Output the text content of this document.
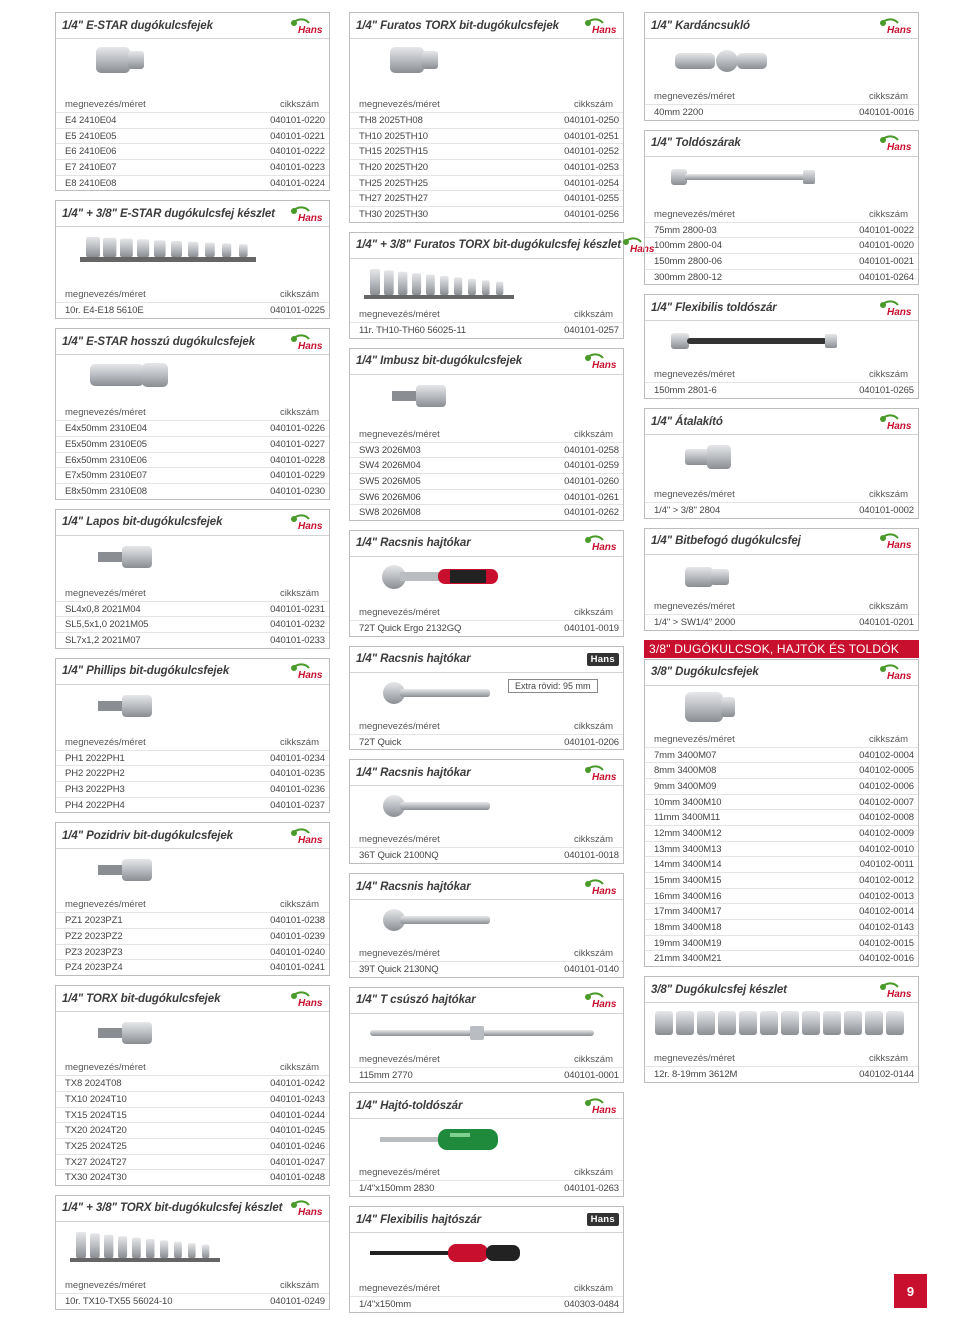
1/4" E-STAR dugókulcsfejek	Hans
megnevezés/méret	cikkszám
E4 2410E04	040101-0220
E5 2410E05	040101-0221
E6 2410E06	040101-0222
E7 2410E07	040101-0223
E8 2410E08	040101-0224
1/4" + 3/8" E-STAR dugókulcsfej készlet Hans
megnevezés/méret	cikkszám
10r. E4-E18 5610E	040101-0225
1/4" E-STAR hosszú dugókulcsfejek	Hans
megnevezés/méret	cikkszám
E4x50mm 2310E04	040101-0226
E5x50mm 2310E05	040101-0227
E6x50mm 2310E06	040101-0228
E7x50mm 2310E07	040101-0229
E8x50mm 2310E08	040101-0230
1/4" Lapos bit-dugókulcsfejek	Hans
megnevezés/méret	cikkszám
SL4x0,8 2021M04	040101-0231
SL5,5x1,0 2021M05	040101-0232
SL7x1,2 2021M07	040101-0233
1/4" Phillips bit-dugókulcsfejek	Hans
megnevezés/méret	cikkszám
PH1 2022PH1	040101-0234
PH2 2022PH2	040101-0235
PH3 2022PH3	040101-0236
PH4 2022PH4	040101-0237
1/4" Pozidriv bit-dugókulcsfejek	Hans
megnevezés/méret	cikkszám
PZ1 2023PZ1	040101-0238
PZ2 2023PZ2	040101-0239
PZ3 2023PZ3	040101-0240
PZ4 2023PZ4	040101-0241
1/4" TORX bit-dugókulcsfejek	Hans
megnevezés/méret	cikkszám
TX8 2024T08	040101-0242
TX10 2024T10	040101-0243
TX15 2024T15	040101-0244
TX20 2024T20	040101-0245
TX25 2024T25	040101-0246
TX27 2024T27	040101-0247
TX30 2024T30	040101-0248
1/4" + 3/8" TORX bit-dugókulcsfej készlet Hans
megnevezés/méret	cikkszám
10r. TX10-TX55 56024-10	040101-0249
1/4" Furatos TORX bit-dugókulcsfejek	Hans
megnevezés/méret	cikkszám
TH8 2025TH08	040101-0250
TH10 2025TH10	040101-0251
TH15 2025TH15	040101-0252
TH20 2025TH20	040101-0253
TH25 2025TH25	040101-0254
TH27 2025TH27	040101-0255
TH30 2025TH30	040101-0256
1/4" + 3/8" Furatos TORX bit-dugókulcsfej készlet Hans
megnevezés/méret	cikkszám
11r. TH10-TH60 56025-11	040101-0257
1/4" Imbusz bit-dugókulcsfejek	Hans
megnevezés/méret	cikkszám
SW3 2026M03	040101-0258
SW4 2026M04	040101-0259
SW5 2026M05	040101-0260
SW6 2026M06	040101-0261
SW8 2026M08	040101-0262
1/4" Racsnis hajtókar	Hans
megnevezés/méret	cikkszám
72T Quick Ergo 2132GQ	040101-0019
1/4" Racsnis hajtókar	Hans
Extra rövid: 95 mm
megnevezés/méret	cikkszám
72T Quick	040101-0206
1/4" Racsnis hajtókar	Hans
megnevezés/méret	cikkszám
36T Quick 2100NQ	040101-0018
1/4" Racsnis hajtókar	Hans
megnevezés/méret	cikkszám
39T Quick 2130NQ	040101-0140
1/4" T csúszó hajtókar	Hans
megnevezés/méret	cikkszám
115mm 2770	040101-0001
1/4" Hajtó-toldószár	Hans
megnevezés/méret	cikkszám
1/4"x150mm 2830	040101-0263
1/4" Flexibilis hajtószár	Hans
megnevezés/méret	cikkszám
1/4"x150mm	040303-0484
1/4" Kardáncsukló	Hans
megnevezés/méret	cikkszám
40mm 2200	040101-0016
1/4" Toldószárak	Hans
megnevezés/méret	cikkszám
75mm 2800-03	040101-0022
100mm 2800-04	040101-0020
150mm 2800-06	040101-0021
300mm 2800-12	040101-0264
1/4" Flexibilis toldószár	Hans
megnevezés/méret	cikkszám
150mm 2801-6	040101-0265
1/4" Átalakító	Hans
megnevezés/méret	cikkszám
1/4" > 3/8" 2804	040101-0002
1/4" Bitbefogó dugókulcsfej	Hans
megnevezés/méret	cikkszám
1/4" > SW1/4" 2000	040101-0201
3/8" DUGÓKULCSOK, HAJTÓK ÉS TOLDÓK
3/8" Dugókulcsfejek	Hans
megnevezés/méret	cikkszám
7mm 3400M07	040102-0004
8mm 3400M08	040102-0005
9mm 3400M09	040102-0006
10mm 3400M10	040102-0007
11mm 3400M11	040102-0008
12mm 3400M12	040102-0009
13mm 3400M13	040102-0010
14mm 3400M14	040102-0011
15mm 3400M15	040102-0012
16mm 3400M16	040102-0013
17mm 3400M17	040102-0014
18mm 3400M18	040102-0143
19mm 3400M19	040102-0015
21mm 3400M21	040102-0016
3/8" Dugókulcsfej készlet	Hans
megnevezés/méret	cikkszám
12r. 8-19mm 3612M	040102-0144
9
